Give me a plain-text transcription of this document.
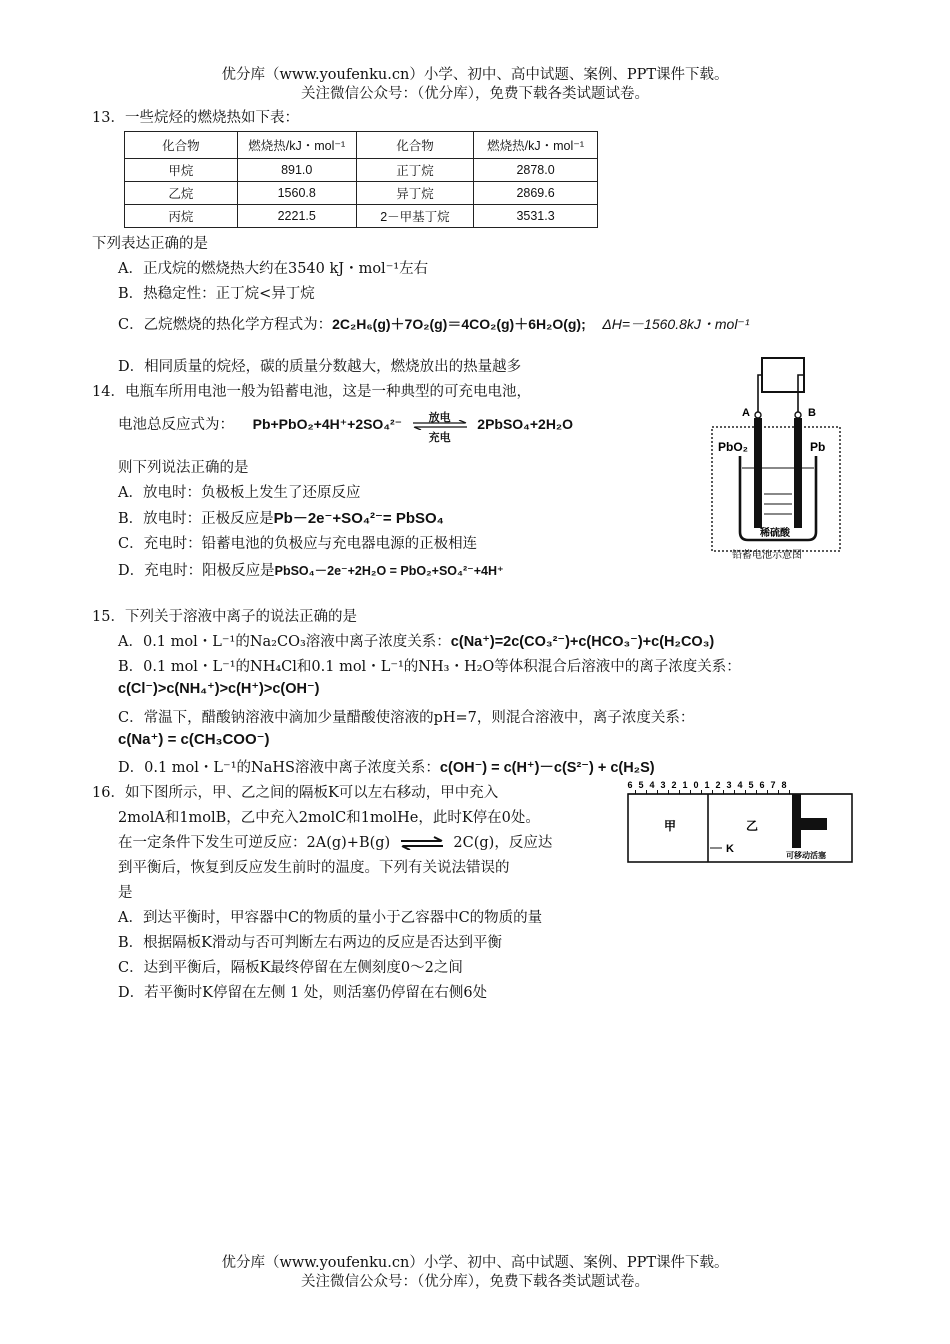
优分库（www.youfenku.cn）小学、初中、高中试题、案例、PPT课件下载。
关注微信公众号：（优分库），免费下载各类试题试卷。
13．一些烷烃的燃烧热如下表：
化合物	燃烧热/kJ・mol⁻¹	化合物	燃烧热/kJ・mol⁻¹
甲烷	891.0	正丁烷	2878.0
乙烷	1560.8	异丁烷	2869.6
丙烷	2221.5	2－甲基丁烷	3531.3
下列表达正确的是
A．正戊烷的燃烧热大约在3540 kJ・mol⁻¹左右
B．热稳定性：正丁烷<异丁烷
C．乙烷燃烧的热化学方程式为：2C₂H₆(g)＋7O₂(g)＝4CO₂(g)＋6H₂O(g); ΔH=－1560.8kJ・mol⁻¹
D．相同质量的烷烃，碳的质量分数越大，燃烧放出的热量越多
14．电瓶车所用电池一般为铅蓄电池，这是一种典型的可充电电池，
电池总反应式为： Pb+PbO₂+4H⁺+2SO₄²⁻	放电
充电
2PbSO₄+2H₂O
则下列说法正确的是
A．放电时：负极板上发生了还原反应
B．放电时：正极反应是Pb－2e⁻+SO₄²⁻= PbSO₄
C．充电时：铅蓄电池的负极应与充电器电源的正极相连
D．充电时：阳极反应是PbSO₄－2e⁻+2H₂O = PbO₂+SO₄²⁻+4H⁺
A	B
PbO₂	Pb
稀硫酸
铅蓄电池示意图
15．下列关于溶液中离子的说法正确的是
A．0.1 mol・L⁻¹的Na₂CO₃溶液中离子浓度关系：c(Na⁺)=2c(CO₃²⁻)+c(HCO₃⁻)+c(H₂CO₃)
B．0.1 mol・L⁻¹的NH₄Cl和0.1 mol・L⁻¹的NH₃・H₂O等体积混合后溶液中的离子浓度关系：
c(Cl⁻)>c(NH₄⁺)>c(H⁺)>c(OH⁻)
C．常温下，醋酸钠溶液中滴加少量醋酸使溶液的pH=7，则混合溶液中，离子浓度关系：
c(Na⁺) = c(CH₃COO⁻)
D．0.1 mol・L⁻¹的NaHS溶液中离子浓度关系：c(OH⁻) = c(H⁺)－c(S²⁻) + c(H₂S)
16．如下图所示，甲、乙之间的隔板K可以左右移动，甲中充入
2molA和1molB，乙中充入2molC和1molHe，此时K停在0处。
在一定条件下发生可逆反应：2A(g)+B(g) ⇌ 2C(g)，反应达
到平衡后，恢复到反应发生前时的温度。下列有关说法错误的
是
A．到达平衡时，甲容器中C的物质的量小于乙容器中C的物质的量
B．根据隔板K滑动与否可判断左右两边的反应是否达到平衡
C．达到平衡后，隔板K最终停留在左侧刻度0～2之间
D．若平衡时K停留在左侧 1 处，则活塞仍停留在右侧6处
6 5 4 3 2 1 0 1 2 3 4 5 6 7 8
K
甲	乙
可移动活塞
优分库（www.youfenku.cn）小学、初中、高中试题、案例、PPT课件下载。
关注微信公众号：（优分库），免费下载各类试题试卷。
